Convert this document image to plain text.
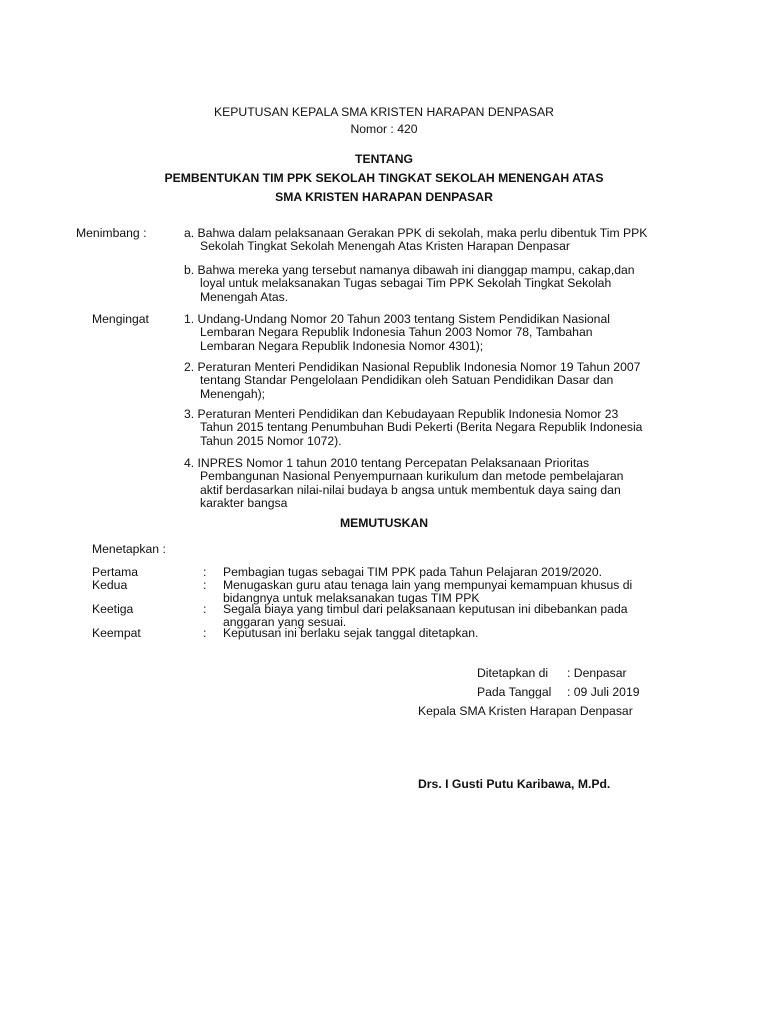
KEPUTUSAN KEPALA SMA KRISTEN HARAPAN DENPASAR
Nomor : 420
TENTANG
PEMBENTUKAN TIM PPK SEKOLAH TINGKAT SEKOLAH MENENGAH ATAS
SMA KRISTEN HARAPAN DENPASAR
Menimbang :	a. Bahwa dalam pelaksanaan Gerakan PPK di sekolah, maka perlu dibentuk Tim PPK
Sekolah Tingkat Sekolah Menengah Atas Kristen Harapan Denpasar
b. Bahwa mereka yang tersebut namanya dibawah ini dianggap mampu, cakap,dan
loyal untuk melaksanakan Tugas sebagai Tim PPK Sekolah Tingkat Sekolah
Menengah Atas.
Mengingat	1. Undang-Undang Nomor 20 Tahun 2003 tentang Sistem Pendidikan Nasional
Lembaran Negara Republik Indonesia Tahun 2003 Nomor 78, Tambahan
Lembaran Negara Republik Indonesia Nomor 4301);
2. Peraturan Menteri Pendidikan Nasional Republik Indonesia Nomor 19 Tahun 2007
tentang Standar Pengelolaan Pendidikan oleh Satuan Pendidikan Dasar dan
Menengah);
3. Peraturan Menteri Pendidikan dan Kebudayaan Republik Indonesia Nomor 23
Tahun 2015 tentang Penumbuhan Budi Pekerti (Berita Negara Republik Indonesia
Tahun 2015 Nomor 1072).
4. INPRES Nomor 1 tahun 2010 tentang Percepatan Pelaksanaan Prioritas
Pembangunan Nasional Penyempurnaan kurikulum dan metode pembelajaran
aktif berdasarkan nilai-nilai budaya b angsa untuk membentuk daya saing dan
karakter bangsa
MEMUTUSKAN
Menetapkan :
Pertama	: Pembagian tugas sebagai TIM PPK pada Tahun Pelajaran 2019/2020.
Kedua	: Menugaskan guru atau tenaga lain yang mempunyai kemampuan khusus di
bidangnya untuk melaksanakan tugas TIM PPK
Keetiga	: Segala biaya yang timbul dari pelaksanaan keputusan ini dibebankan pada
anggaran yang sesuai.
Keempat	: Keputusan ini berlaku sejak tanggal ditetapkan.
Ditetapkan di : Denpasar
Pada Tanggal : 09 Juli 2019
Kepala SMA Kristen Harapan Denpasar
Drs. I Gusti Putu Karibawa, M.Pd.
